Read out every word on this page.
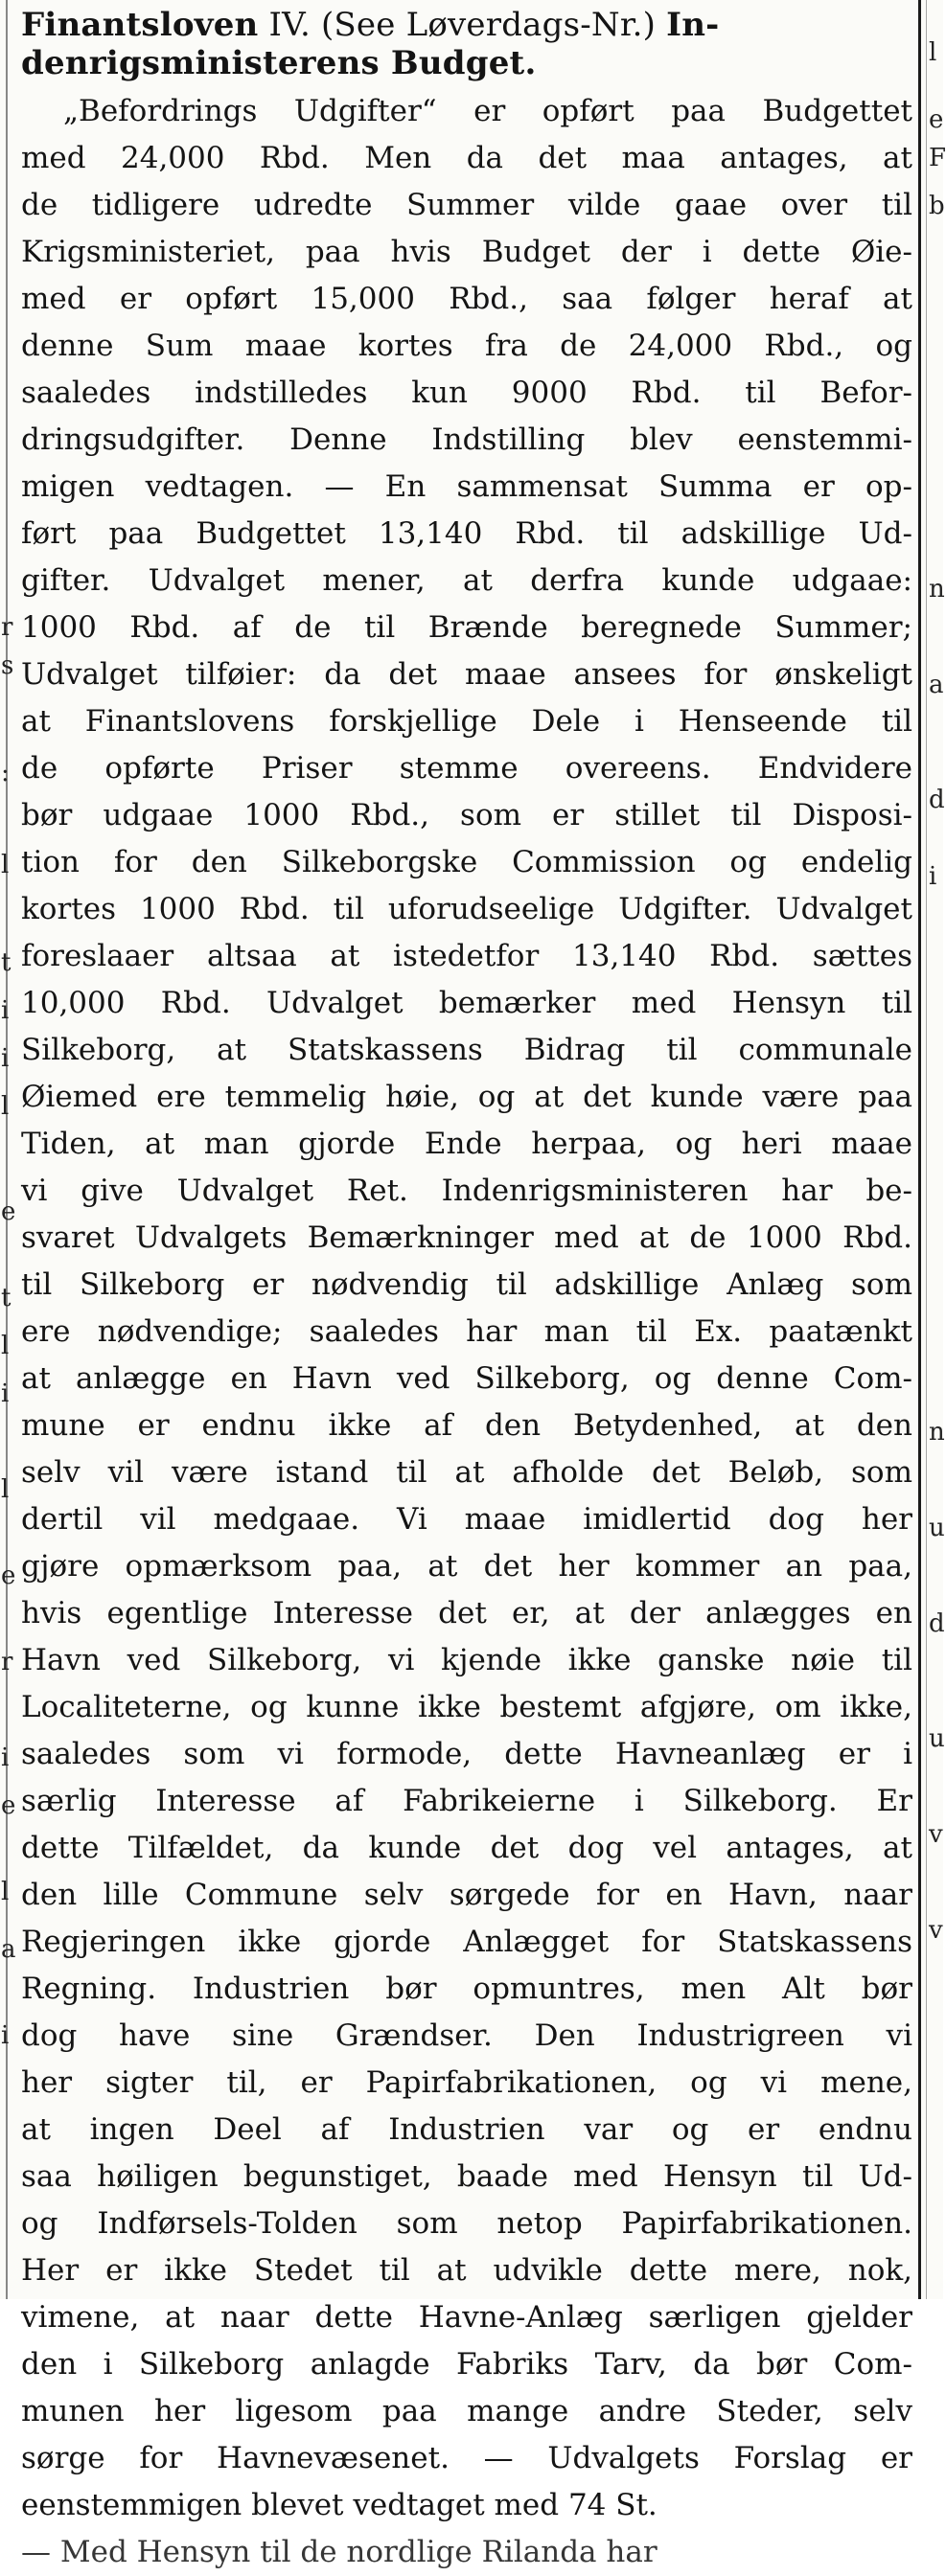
r
s
:
l
t
i
i
l
e
t
l
i
l
e
r
i
e
l
a
i
l
e
F
b
n
a
d
i
n
u
d
u
v
v
Finantsloven IV. (See Løverdags-Nr.) In-
denrigsministerens Budget.
„Befordrings Udgifter“ er opført paa Budgettet
med 24,000 Rbd. Men da det maa antages, at
de tidligere udredte Summer vilde gaae over til
Krigsministeriet, paa hvis Budget der i dette Øie-
med er opført 15,000 Rbd., saa følger heraf at
denne Sum maae kortes fra de 24,000 Rbd., og
saaledes indstilledes kun 9000 Rbd. til Befor-
dringsudgifter. Denne Indstilling blev eenstemmi-
migen vedtagen. — En sammensat Summa er op-
ført paa Budgettet 13,140 Rbd. til adskillige Ud-
gifter. Udvalget mener, at derfra kunde udgaae:
1000 Rbd. af de til Brænde beregnede Summer;
Udvalget tilføier: da det maae ansees for ønskeligt
at Finantslovens forskjellige Dele i Henseende til
de opførte Priser stemme overeens. Endvidere
bør udgaae 1000 Rbd., som er stillet til Disposi-
tion for den Silkeborgske Commission og endelig
kortes 1000 Rbd. til uforudseelige Udgifter. Udvalget
foreslaaer altsaa at istedetfor 13,140 Rbd. sættes
10,000 Rbd. Udvalget bemærker med Hensyn til
Silkeborg, at Statskassens Bidrag til communale
Øiemed ere temmelig høie, og at det kunde være paa
Tiden, at man gjorde Ende herpaa, og heri maae
vi give Udvalget Ret. Indenrigsministeren har be-
svaret Udvalgets Bemærkninger med at de 1000 Rbd.
til Silkeborg er nødvendig til adskillige Anlæg som
ere nødvendige; saaledes har man til Ex. paatænkt
at anlægge en Havn ved Silkeborg, og denne Com-
mune er endnu ikke af den Betydenhed, at den
selv vil være istand til at afholde det Beløb, som
dertil vil medgaae. Vi maae imidlertid dog her
gjøre opmærksom paa, at det her kommer an paa,
hvis egentlige Interesse det er, at der anlægges en
Havn ved Silkeborg, vi kjende ikke ganske nøie til
Localiteterne, og kunne ikke bestemt afgjøre, om ikke,
saaledes som vi formode, dette Havneanlæg er i
særlig Interesse af Fabrikeierne i Silkeborg. Er
dette Tilfældet, da kunde det dog vel antages, at
den lille Commune selv sørgede for en Havn, naar
Regjeringen ikke gjorde Anlægget for Statskassens
Regning. Industrien bør opmuntres, men Alt bør
dog have sine Grændser. Den Industrigreen vi
her sigter til, er Papirfabrikationen, og vi mene,
at ingen Deel af Industrien var og er endnu
saa høiligen begunstiget, baade med Hensyn til Ud-
og Indførsels-Tolden som netop Papirfabrikationen.
Her er ikke Stedet til at udvikle dette mere, nok,
vimene, at naar dette Havne-Anlæg særligen gjelder
den i Silkeborg anlagde Fabriks Tarv, da bør Com-
munen her ligesom paa mange andre Steder, selv
sørge for Havnevæsenet. — Udvalgets Forslag er
eenstemmigen blevet vedtaget med 74 St.
— Med Hensyn til de nordlige Rilanda har
